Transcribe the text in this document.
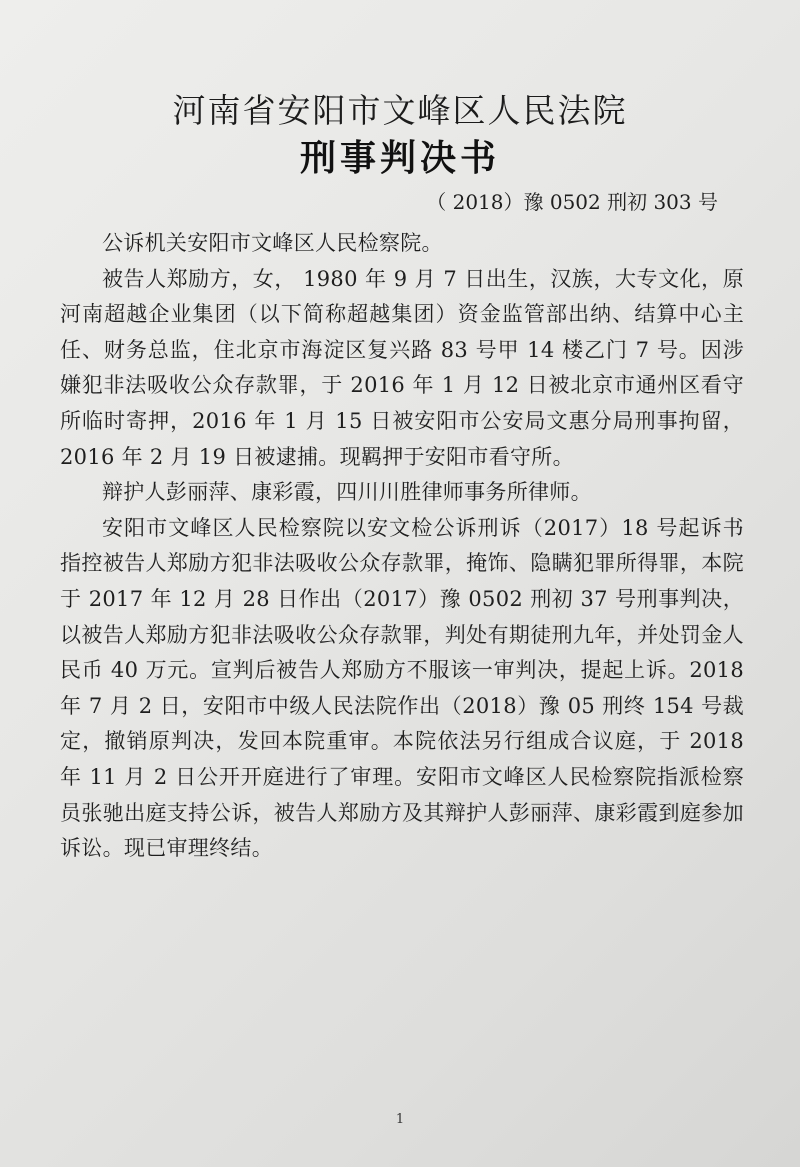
河南省安阳市文峰区人民法院
刑事判决书
（ 2018）豫 0502 刑初 303 号

公诉机关安阳市文峰区人民检察院。

被告人郑励方，女， 1980 年 9 月 7 日出生，汉族，大专文化，原河南超越企业集团（以下简称超越集团）资金监管部出纳、结算中心主任、财务总监，住北京市海淀区复兴路 83 号甲 14 楼乙门 7 号。因涉嫌犯非法吸收公众存款罪，于 2016 年 1 月 12 日被北京市通州区看守所临时寄押，2016 年 1 月 15 日被安阳市公安局文惠分局刑事拘留，2016 年 2 月 19 日被逮捕。现羁押于安阳市看守所。

辩护人彭丽萍、康彩霞，四川川胜律师事务所律师。

安阳市文峰区人民检察院以安文检公诉刑诉（2017）18 号起诉书指控被告人郑励方犯非法吸收公众存款罪，掩饰、隐瞒犯罪所得罪，本院于 2017 年 12 月 28 日作出（2017）豫 0502 刑初 37 号刑事判决，以被告人郑励方犯非法吸收公众存款罪，判处有期徒刑九年，并处罚金人民币 40 万元。宣判后被告人郑励方不服该一审判决，提起上诉。2018 年 7 月 2 日，安阳市中级人民法院作出（2018）豫 05 刑终 154 号裁定，撤销原判决，发回本院重审。本院依法另行组成合议庭，于 2018 年 11 月 2 日公开开庭进行了审理。安阳市文峰区人民检察院指派检察员张驰出庭支持公诉，被告人郑励方及其辩护人彭丽萍、康彩霞到庭参加诉讼。现已审理终结。

1
